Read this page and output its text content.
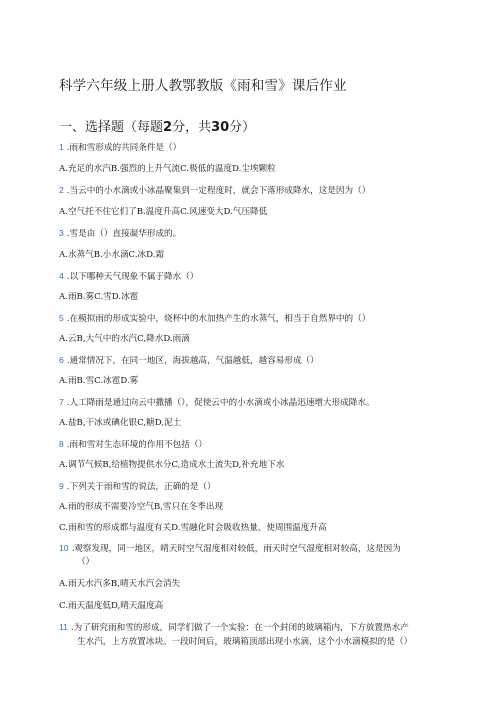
科学六年级上册人教鄂教版《雨和雪》课后作业
一、选择题（每题2分，共30分）
1 .雨和雪形成的共同条件是（）
A.充足的水汽B.强烈的上升气流C.极低的温度D.尘埃颗粒
2 .当云中的小水滴或小冰晶聚集到一定程度时，就会下落形成降水，这是因为（）
A.空气托不住它们了B.温度升高C.风速变大D.气压降低
3 .雪是由（）直接凝华形成的。
A.水蒸气B.小水滴C.冰D.霜
4 .以下哪种天气现象不属于降水（）
A.雨B.雾C.雪D.冰雹
5 .在模拟雨的形成实验中，烧杯中的水加热产生的水蒸气，相当于自然界中的（）
A.云B,大气中的水汽C,降水D.雨滴
6 .通常情况下，在同一地区，海拔越高，气温越低，越容易形成（）
A.雨B.雪C.冰雹D.雾
7 .人工降雨是通过向云中撒播（），促使云中的小水滴或小冰晶迅速增大形成降水。
A.盐B,干冰或碘化银C,糖D,泥土
8 .雨和雪对生态环境的作用不包括（）
A.调节气候B,给植物提供水分C,造成水土流失D,补充地下水
9 .下列关于雨和雪的说法，正确的是（）
A.雨的形成不需要冷空气B,雪只在冬季出现
C.雨和雪的形成都与温度有关D.雪融化时会吸收热量，使周围温度升高
10 .观察发现，同一地区，晴天时空气湿度相对较低，雨天时空气湿度相对较高，这是因为
（）
A.雨天水汽多B,晴天水汽会消失
C.雨天温度低D,晴天温度高
11 .为了研究雨和雪的形成，同学们做了一个实验：在一个封闭的玻璃箱内，下方放置热水产
生水汽，上方放置冰块。一段时间后，玻璃箱顶部出现小水滴，这个小水滴模拟的是（）
